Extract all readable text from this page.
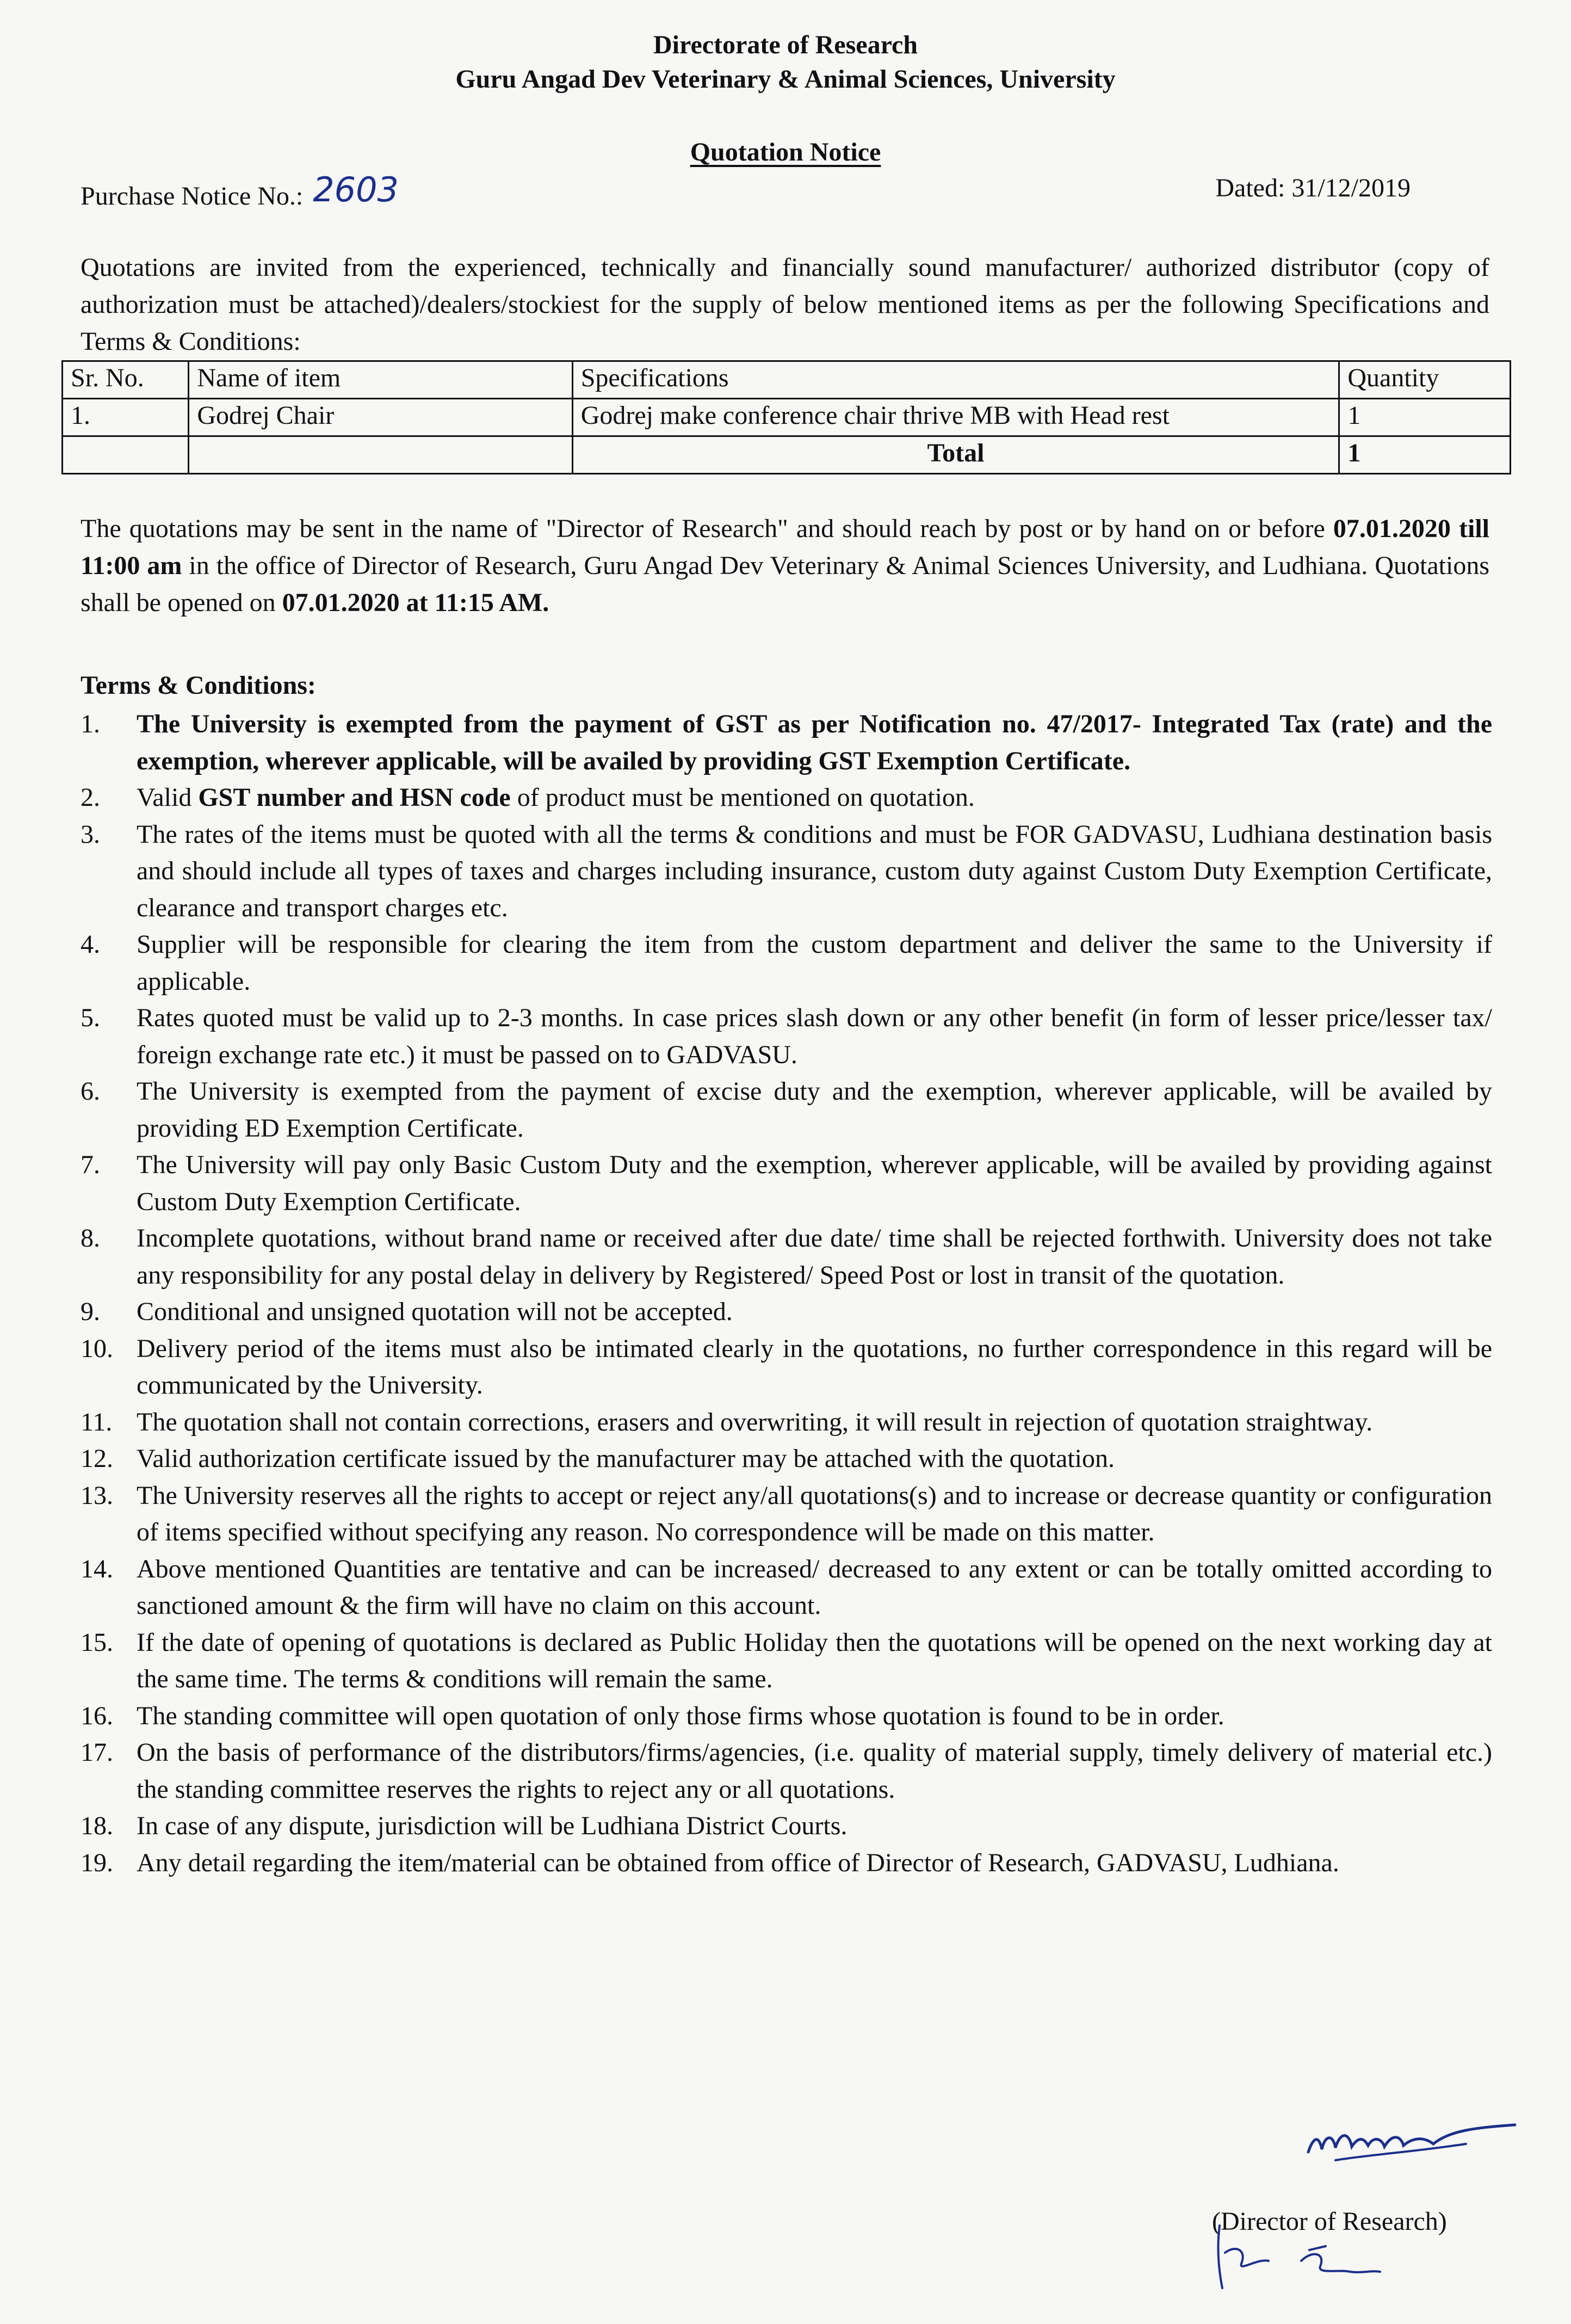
Directorate of Research
Guru Angad Dev Veterinary & Animal Sciences, University
Quotation Notice
Purchase Notice No.: 2603	Dated: 31/12/2019
Quotations are invited from the experienced, technically and financially sound manufacturer/ authorized distributor (copy of authorization must be attached)/dealers/stockiest for the supply of below mentioned items as per the following Specifications and Terms & Conditions:
Sr. No.	Name of item	Specifications	Quantity
1.	Godrej Chair	Godrej make conference chair thrive MB with Head rest	1
		Total	1
The quotations may be sent in the name of "Director of Research" and should reach by post or by hand on or before 07.01.2020 till 11:00 am in the office of Director of Research, Guru Angad Dev Veterinary & Animal Sciences University, and Ludhiana. Quotations shall be opened on 07.01.2020 at 11:15 AM.
Terms & Conditions:
1. The University is exempted from the payment of GST as per Notification no. 47/2017- Integrated Tax (rate) and the exemption, wherever applicable, will be availed by providing GST Exemption Certificate.
2. Valid GST number and HSN code of product must be mentioned on quotation.
3. The rates of the items must be quoted with all the terms & conditions and must be FOR GADVASU, Ludhiana destination basis and should include all types of taxes and charges including insurance, custom duty against Custom Duty Exemption Certificate, clearance and transport charges etc.
4. Supplier will be responsible for clearing the item from the custom department and deliver the same to the University if applicable.
5. Rates quoted must be valid up to 2-3 months. In case prices slash down or any other benefit (in form of lesser price/lesser tax/ foreign exchange rate etc.) it must be passed on to GADVASU.
6. The University is exempted from the payment of excise duty and the exemption, wherever applicable, will be availed by providing ED Exemption Certificate.
7. The University will pay only Basic Custom Duty and the exemption, wherever applicable, will be availed by providing against Custom Duty Exemption Certificate.
8. Incomplete quotations, without brand name or received after due date/ time shall be rejected forthwith. University does not take any responsibility for any postal delay in delivery by Registered/ Speed Post or lost in transit of the quotation.
9. Conditional and unsigned quotation will not be accepted.
10. Delivery period of the items must also be intimated clearly in the quotations, no further correspondence in this regard will be communicated by the University.
11. The quotation shall not contain corrections, erasers and overwriting, it will result in rejection of quotation straightway.
12. Valid authorization certificate issued by the manufacturer may be attached with the quotation.
13. The University reserves all the rights to accept or reject any/all quotations(s) and to increase or decrease quantity or configuration of items specified without specifying any reason. No correspondence will be made on this matter.
14. Above mentioned Quantities are tentative and can be increased/ decreased to any extent or can be totally omitted according to sanctioned amount & the firm will have no claim on this account.
15. If the date of opening of quotations is declared as Public Holiday then the quotations will be opened on the next working day at the same time. The terms & conditions will remain the same.
16. The standing committee will open quotation of only those firms whose quotation is found to be in order.
17. On the basis of performance of the distributors/firms/agencies, (i.e. quality of material supply, timely delivery of material etc.) the standing committee reserves the rights to reject any or all quotations.
18. In case of any dispute, jurisdiction will be Ludhiana District Courts.
19. Any detail regarding the item/material can be obtained from office of Director of Research, GADVASU, Ludhiana.
(Director of Research)
